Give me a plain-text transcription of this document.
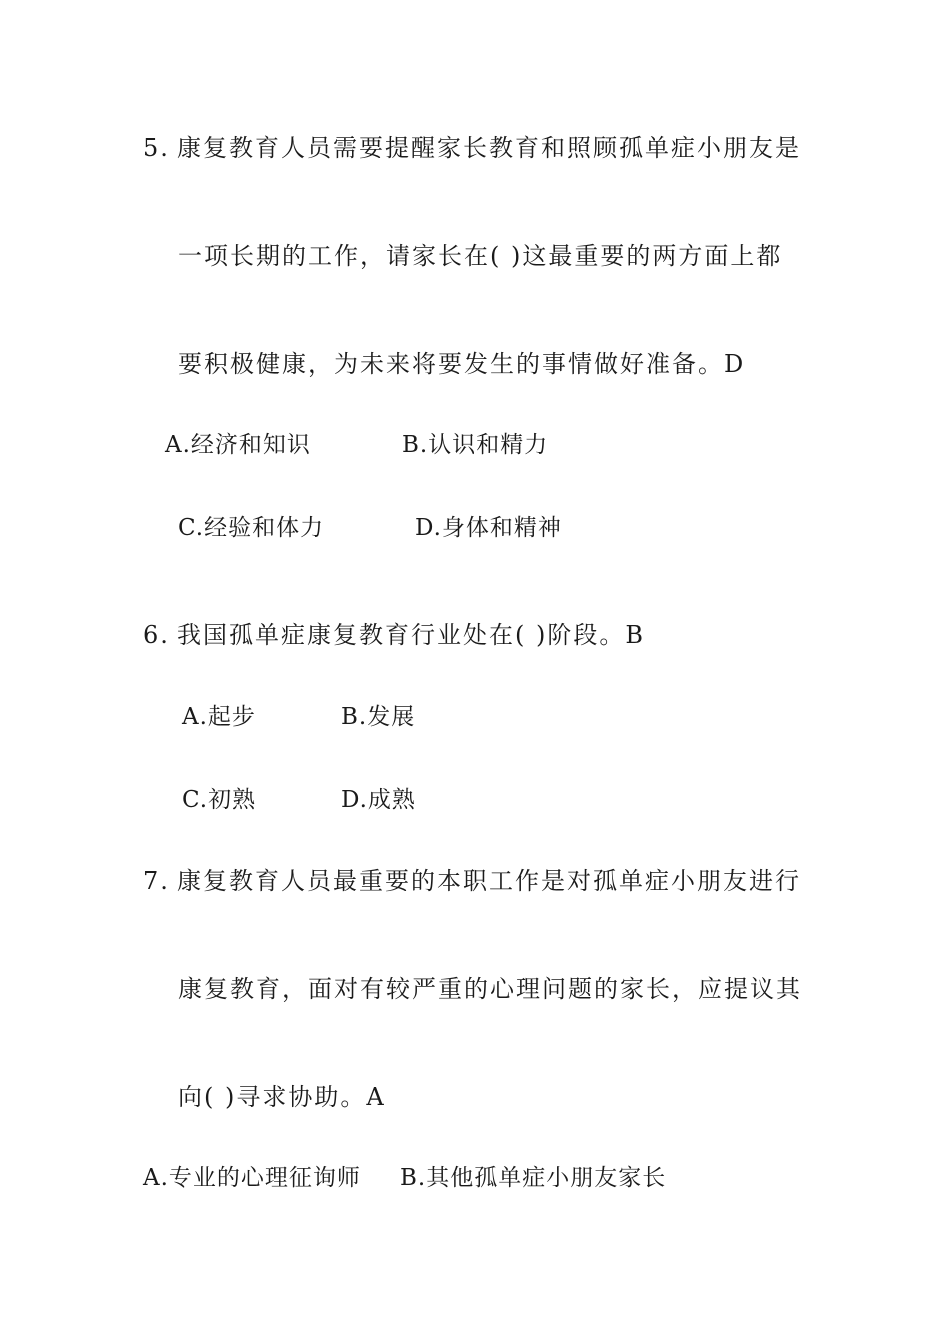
5. 康复教育人员需要提醒家长教育和照顾孤单症小朋友是
一项长期的工作，请家长在( )这最重要的两方面上都
要积极健康，为未来将要发生的事情做好准备。D
A.经济和知识	B.认识和精力
C.经验和体力	D.身体和精神
6. 我国孤单症康复教育行业处在( )阶段。B
A.起步	B.发展
C.初熟	D.成熟
7. 康复教育人员最重要的本职工作是对孤单症小朋友进行
康复教育，面对有较严重的心理问题的家长，应提议其
向( )寻求协助。A
A.专业的心理征询师 B.其他孤单症小朋友家长
